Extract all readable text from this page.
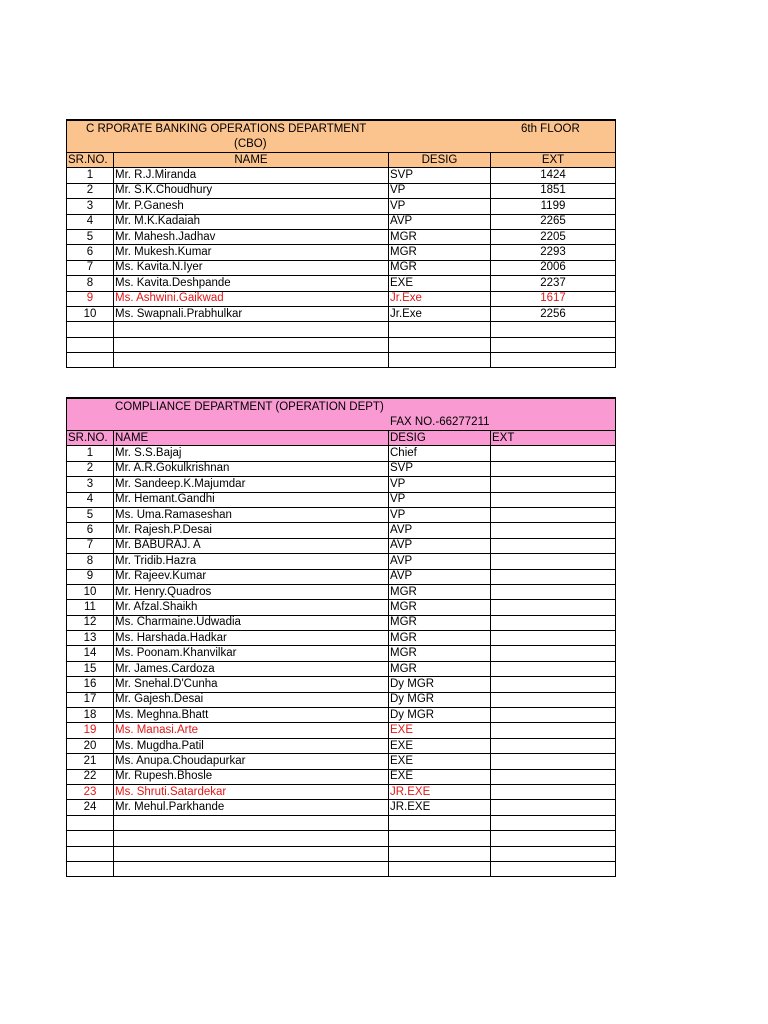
C RPORATE BANKING OPERATIONS DEPARTMENT
(CBO)
6th FLOOR			

SR.NO.	NAME	DESIG	EXT
1	Mr. R.J.Miranda	SVP	1424
2	Mr. S.K.Choudhury	VP	1851
3	Mr. P.Ganesh	VP	1199
4	Mr. M.K.Kadaiah	AVP	2265
5	Mr. Mahesh.Jadhav	MGR	2205
6	Mr. Mukesh.Kumar	MGR	2293
7	Ms. Kavita.N.Iyer	MGR	2006
8	Ms. Kavita.Deshpande	EXE	2237
9	Ms. Ashwini.Gaikwad	Jr.Exe	1617
10	Ms. Swapnali.Prabhulkar	Jr.Exe	2256

COMPLIANCE DEPARTMENT (OPERATION DEPT)
FAX NO.-66277211			

SR.NO.	NAME	DESIG	EXT
1	Mr. S.S.Bajaj	Chief	
2	Mr. A.R.Gokulkrishnan	SVP	
3	Mr. Sandeep.K.Majumdar	VP	
4	Mr. Hemant.Gandhi	VP	
5	Ms. Uma.Ramaseshan	VP	
6	Mr. Rajesh.P.Desai	AVP	
7	Mr. BABURAJ. A	AVP	
8	Mr. Tridib.Hazra	AVP	
9	Mr. Rajeev.Kumar	AVP	
10	Mr. Henry.Quadros	MGR	
11	Mr. Afzal.Shaikh	MGR	
12	Ms. Charmaine.Udwadia	MGR	
13	Ms. Harshada.Hadkar	MGR	
14	Ms. Poonam.Khanvilkar	MGR	
15	Mr. James.Cardoza	MGR	
16	Mr. Snehal.D'Cunha	Dy MGR	
17	Mr. Gajesh.Desai	Dy MGR	
18	Ms. Meghna.Bhatt	Dy MGR	
19	Ms. Manasi.Arte	EXE	
20	Ms. Mugdha.Patil	EXE	
21	Ms. Anupa.Choudapurkar	EXE	
22	Mr. Rupesh.Bhosle	EXE	
23	Ms. Shruti.Satardekar	JR.EXE	
24	Mr. Mehul.Parkhande	JR.EXE	
